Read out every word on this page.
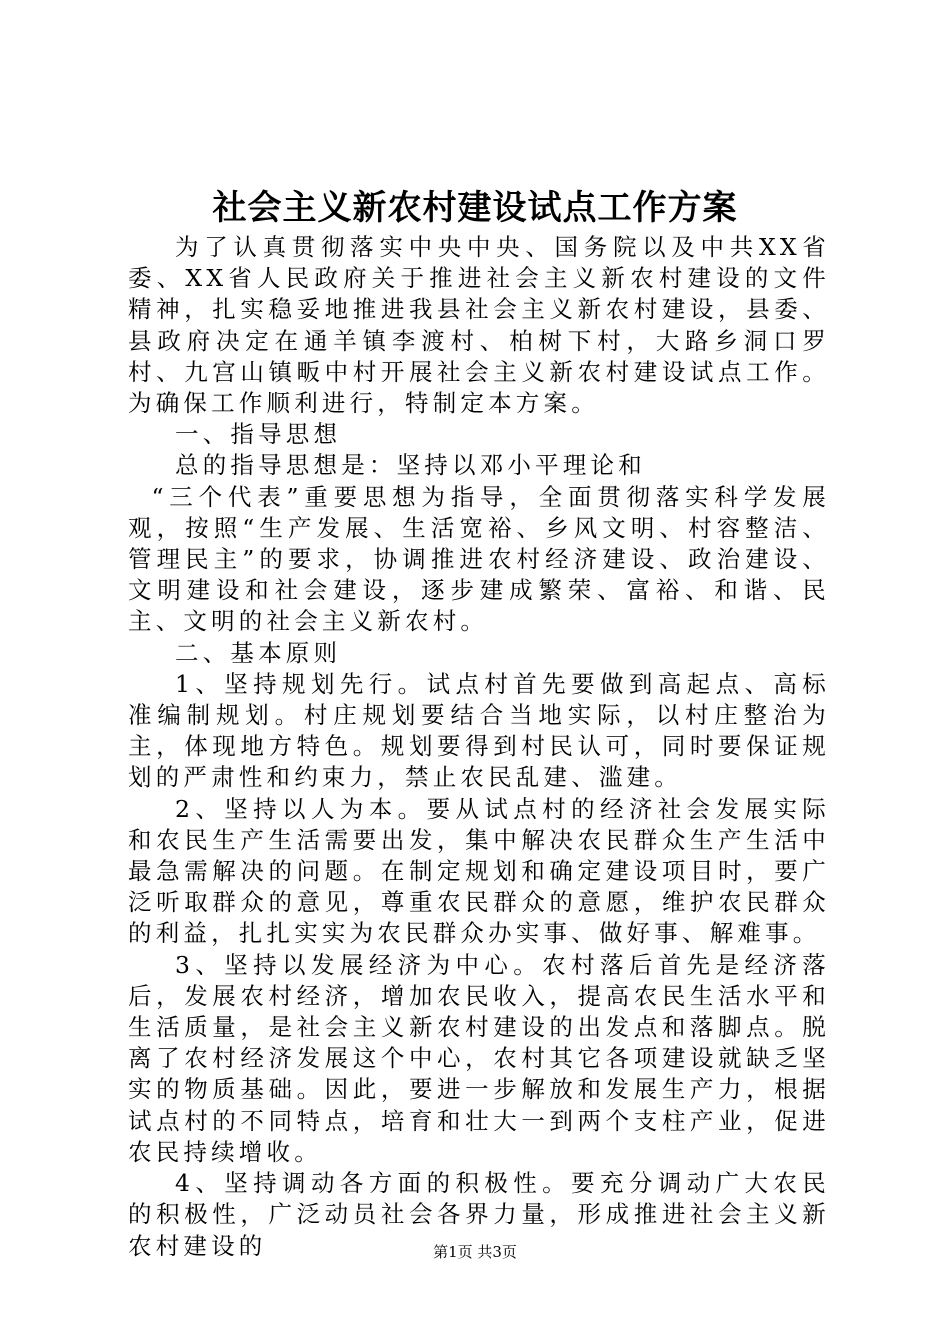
社会主义新农村建设试点工作方案

为了认真贯彻落实中央中央、国务院以及中共XX省委、XX省人民政府关于推进社会主义新农村建设的文件精神，扎实稳妥地推进我县社会主义新农村建设，县委、县政府决定在通羊镇李渡村、柏树下村，大路乡洞口罗村、九宫山镇畈中村开展社会主义新农村建设试点工作。为确保工作顺利进行，特制定本方案。

一、指导思想

总的指导思想是：坚持以邓小平理论和

“三个代表”重要思想为指导，全面贯彻落实科学发展观，按照“生产发展、生活宽裕、乡风文明、村容整洁、管理民主”的要求，协调推进农村经济建设、政治建设、文明建设和社会建设，逐步建成繁荣、富裕、和谐、民主、文明的社会主义新农村。

二、基本原则

1、坚持规划先行。试点村首先要做到高起点、高标准编制规划。村庄规划要结合当地实际，以村庄整治为主，体现地方特色。规划要得到村民认可，同时要保证规划的严肃性和约束力，禁止农民乱建、滥建。

2、坚持以人为本。要从试点村的经济社会发展实际和农民生产生活需要出发，集中解决农民群众生产生活中最急需解决的问题。在制定规划和确定建设项目时，要广泛听取群众的意见，尊重农民群众的意愿，维护农民群众的利益，扎扎实实为农民群众办实事、做好事、解难事。

3、坚持以发展经济为中心。农村落后首先是经济落后，发展农村经济，增加农民收入，提高农民生活水平和生活质量，是社会主义新农村建设的出发点和落脚点。脱离了农村经济发展这个中心，农村其它各项建设就缺乏坚实的物质基础。因此，要进一步解放和发展生产力，根据试点村的不同特点，培育和壮大一到两个支柱产业，促进农民持续增收。

4、坚持调动各方面的积极性。要充分调动广大农民的积极性，广泛动员社会各界力量，形成推进社会主义新农村建设的	第1页 共3页
